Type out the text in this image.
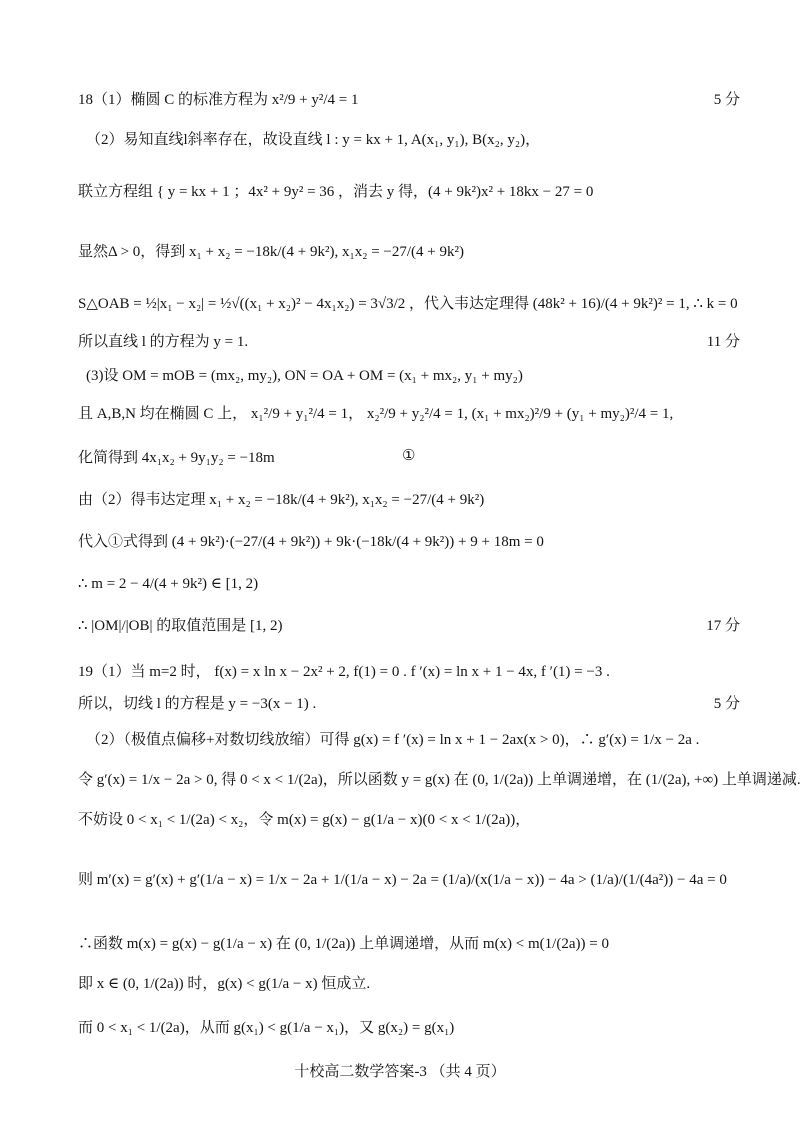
18（1）椭圆 C 的标准方程为 x²/9 + y²/4 = 1	5 分
（2）易知直线l斜率存在，故设直线 l : y = kx + 1, A(x₁, y₁), B(x₂, y₂)，
联立方程组 { y = kx + 1 ；4x² + 9y² = 36 ，消去 y 得，(4 + 9k²)x² + 18kx − 27 = 0
显然Δ > 0，得到 x₁ + x₂ = −18k/(4 + 9k²), x₁x₂ = −27/(4 + 9k²)
S△OAB = ½|x₁ − x₂| = ½√((x₁ + x₂)² − 4x₁x₂) = 3√3/2 ，代入韦达定理得 (48k² + 16)/(4 + 9k²)² = 1, ∴ k = 0
所以直线 l 的方程为 y = 1.	11 分
(3)设 OM = mOB = (mx₂, my₂), ON = OA + OM = (x₁ + mx₂, y₁ + my₂)
且 A,B,N 均在椭圆 C 上， x₁²/9 + y₁²/4 = 1， x₂²/9 + y₂²/4 = 1, (x₁ + mx₂)²/9 + (y₁ + my₂)²/4 = 1,
化简得到 4x₁x₂ + 9y₁y₂ = −18m	①
由（2）得韦达定理 x₁ + x₂ = −18k/(4 + 9k²), x₁x₂ = −27/(4 + 9k²)
代入①式得到 (4 + 9k²)·(−27/(4 + 9k²)) + 9k·(−18k/(4 + 9k²)) + 9 + 18m = 0
∴ m = 2 − 4/(4 + 9k²) ∈ [1, 2)
∴ |OM|/|OB| 的取值范围是 [1, 2)	17 分
19（1）当 m=2 时， f(x) = x ln x − 2x² + 2, f(1) = 0 . f ′(x) = ln x + 1 − 4x, f ′(1) = −3 .
所以，切线 l 的方程是 y = −3(x − 1) .	5 分
（2）（极值点偏移+对数切线放缩）可得 g(x) = f ′(x) = ln x + 1 − 2ax(x > 0)，∴ g′(x) = 1/x − 2a .
令 g′(x) = 1/x − 2a > 0, 得 0 < x < 1/(2a)，所以函数 y = g(x) 在 (0, 1/(2a)) 上单调递增，在 (1/(2a), +∞) 上单调递减.
不妨设 0 < x₁ < 1/(2a) < x₂，令 m(x) = g(x) − g(1/a − x)(0 < x < 1/(2a))，
则 m′(x) = g′(x) + g′(1/a − x) = 1/x − 2a + 1/(1/a − x) − 2a = (1/a)/(x(1/a − x)) − 4a > (1/a)/(1/(4a²)) − 4a = 0
∴函数 m(x) = g(x) − g(1/a − x) 在 (0, 1/(2a)) 上单调递增，从而 m(x) < m(1/(2a)) = 0
即 x ∈ (0, 1/(2a)) 时，g(x) < g(1/a − x) 恒成立.
而 0 < x₁ < 1/(2a)，从而 g(x₁) < g(1/a − x₁)，又 g(x₂) = g(x₁)
十校高二数学答案-3 （共 4 页）
